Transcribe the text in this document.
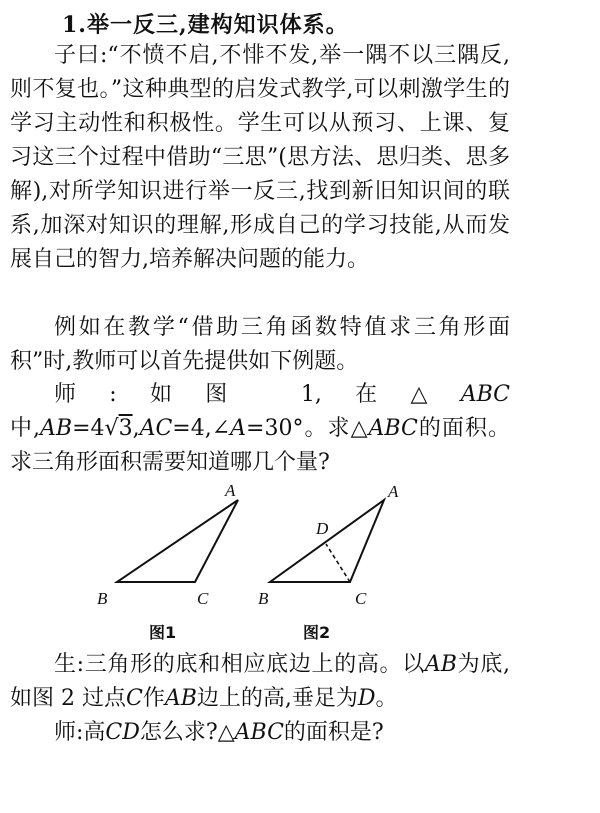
1.举一反三,建构知识体系。

子曰:“不愤不启,不悱不发,举一隅不以三隅反,则不复也。”这种典型的启发式教学,可以刺激学生的学习主动性和积极性。学生可以从预习、上课、复习这三个过程中借助“三思”(思方法、思归类、思多解),对所学知识进行举一反三,找到新旧知识间的联系,加深对知识的理解,形成自己的学习技能,从而发展自己的智力,培养解决问题的能力。

例如在教学“借助三角函数特值求三角形面积”时,教师可以首先提供如下例题。

师:如图 1,在△ABC中,AB=4√3,AC=4,∠A=30°。求△ABC的面积。求三角形面积需要知道哪几个量?

A
B	C
A
B	C
D
图1	图2

生:三角形的底和相应底边上的高。以AB为底,如图 2 过点C作AB边上的高,垂足为D。

师:高CD怎么求?△ABC的面积是?
